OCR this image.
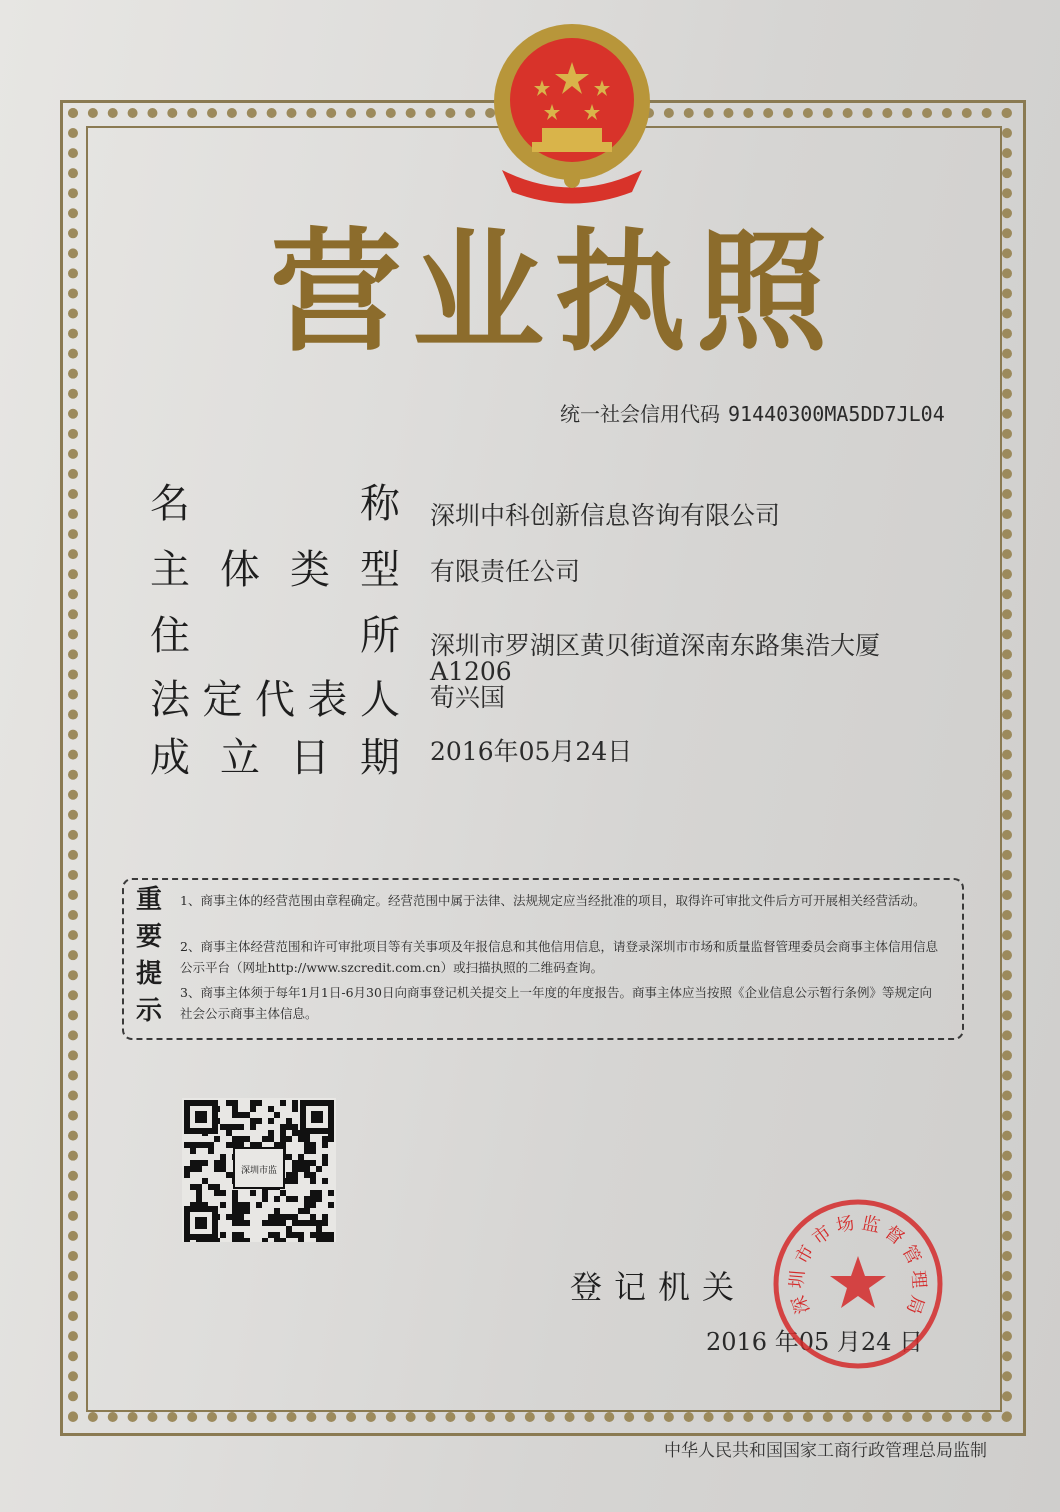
营业执照
统一社会信用代码 91440300MA5DD7JL04
名	称 深圳中科创新信息咨询有限公司
主 体 类 型 有限责任公司
住	所 深圳市罗湖区黄贝街道深南东路集浩大厦
A1206
法 定 代 表 人 荀兴国
成 立 日 期 2016年05月24日
重要提示
1、商事主体的经营范围由章程确定。经营范围中属于法律、法规规定应当经批准的项目，取得许可审批文件后方可开展相关经营活动。
2、商事主体经营范围和许可审批项目等有关事项及年报信息和其他信用信息，请登录深圳市市场和质量监督管理委员会商事主体信用信息公示平台（网址http://www.szcredit.com.cn）或扫描执照的二维码查询。
3、商事主体须于每年1月1日-6月30日向商事登记机关提交上一年度的年度报告。商事主体应当按照《企业信息公示暂行条例》等规定向社会公示商事主体信息。
深圳市监
登记机关
2016 年05 月24 日
深
圳
市
市
场 监
督
管
理
局
中华人民共和国国家工商行政管理总局监制
